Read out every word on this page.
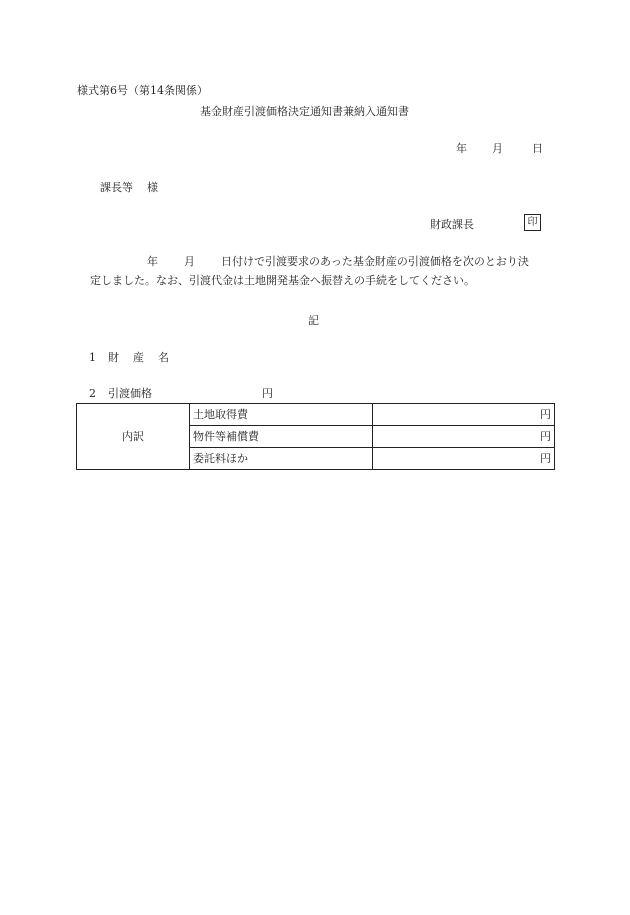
様式第6号（第14条関係）
基金財産引渡価格決定通知書兼納入通知書
年 月	日
課長等 様
財政課長	印
年 月 日付けで引渡要求のあった基金財産の引渡価格を次のとおり決
定しました。なお、引渡代金は土地開発基金へ振替えの手続をしてください。
記
1 財 産 名
2 引渡価格	円
内訳	土地取得費	円
	物件等補償費	円
	委託料ほか	円
